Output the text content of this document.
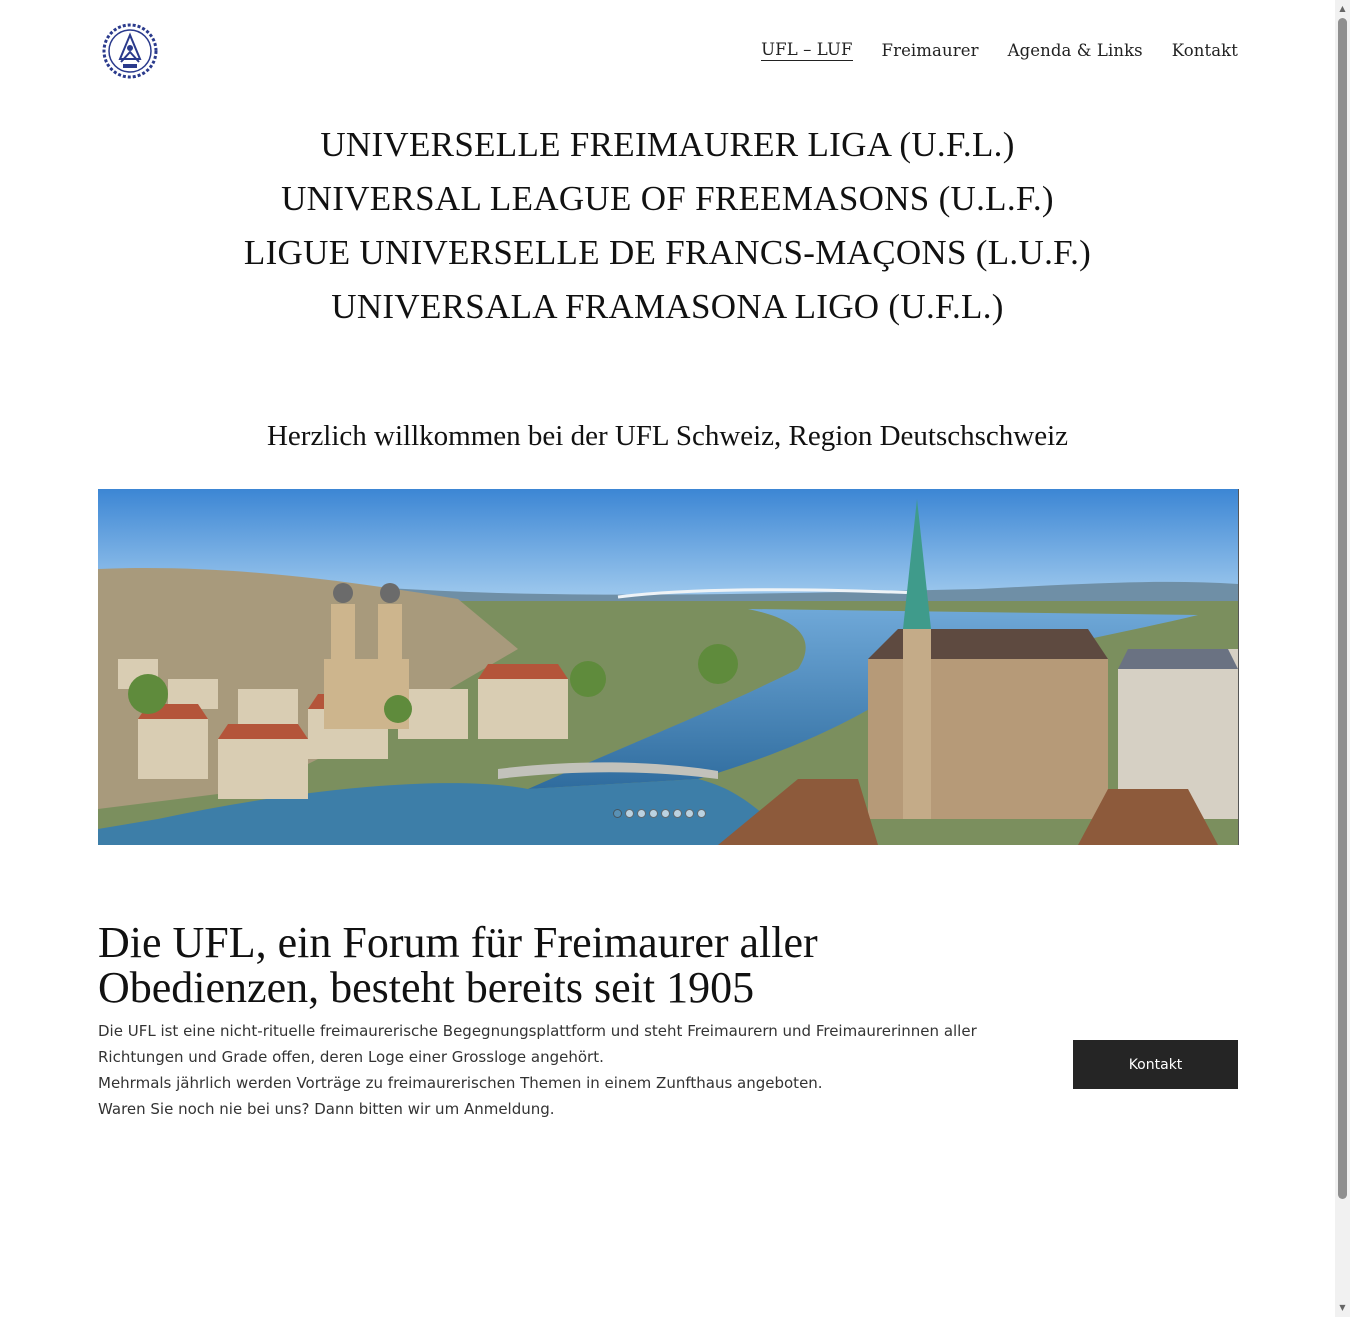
UFL – LUF Freimaurer Agenda & Links Kontakt
UNIVERSELLE FREIMAURER LIGA (U.F.L.)
UNIVERSAL LEAGUE OF FREEMASONS (U.L.F.)
LIGUE UNIVERSELLE DE FRANCS-MAÇONS (L.U.F.)
UNIVERSALA FRAMASONA LIGO (U.F.L.)
Herzlich willkommen bei der UFL Schweiz, Region Deutschschweiz
Die UFL, ein Forum für Freimaurer aller Obedienzen, besteht bereits seit 1905

Die UFL ist eine nicht-rituelle freimaurerische Begegnungsplattform und steht Freimaurern und Freimaurerinnen aller Richtungen und Grade offen, deren Loge einer Grossloge angehört.

Mehrmals jährlich werden Vorträge zu freimaurerischen Themen in einem Zunfthaus angeboten.

Waren Sie noch nie bei uns? Dann bitten wir um Anmeldung.

Kontakt
▲
▼
